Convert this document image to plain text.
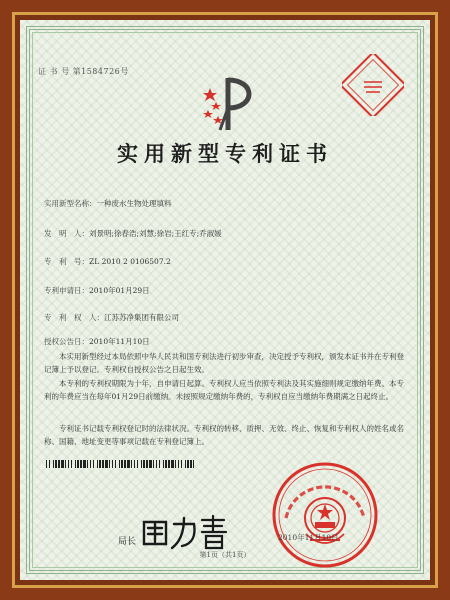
证 书 号 第1584726号
实用新型专利证书
实用新型名称：一种废水生物处理填料
发　明　人：刘景明;徐春浩;刘慧;徐岩;王红专;乔淑媛
专　利　号：ZL 2010 2 0106507.2
专利申请日：2010年01月29日
专　利　权　人：江苏苏净集团有限公司
授权公告日：2010年11月10日
本实用新型经过本局依照中华人民共和国专利法进行初步审查，决定授予专利权，颁发本证书并在专利登记簿上予以登记。专利权自授权公告之日起生效。
本专利的专利权期限为十年，自申请日起算。专利权人应当依照专利法及其实施细则规定缴纳年费。本专利的年费应当在每年01月29日前缴纳。未按照规定缴纳年费的，专利权自应当缴纳年费期满之日起终止。
专利证书记载专利权登记时的法律状况。专利权的转移、质押、无效、终止、恢复和专利权人的姓名或名称、国籍、地址变更等事项记载在专利登记簿上。
局长	2010年11月10日
第1页（共1页）
